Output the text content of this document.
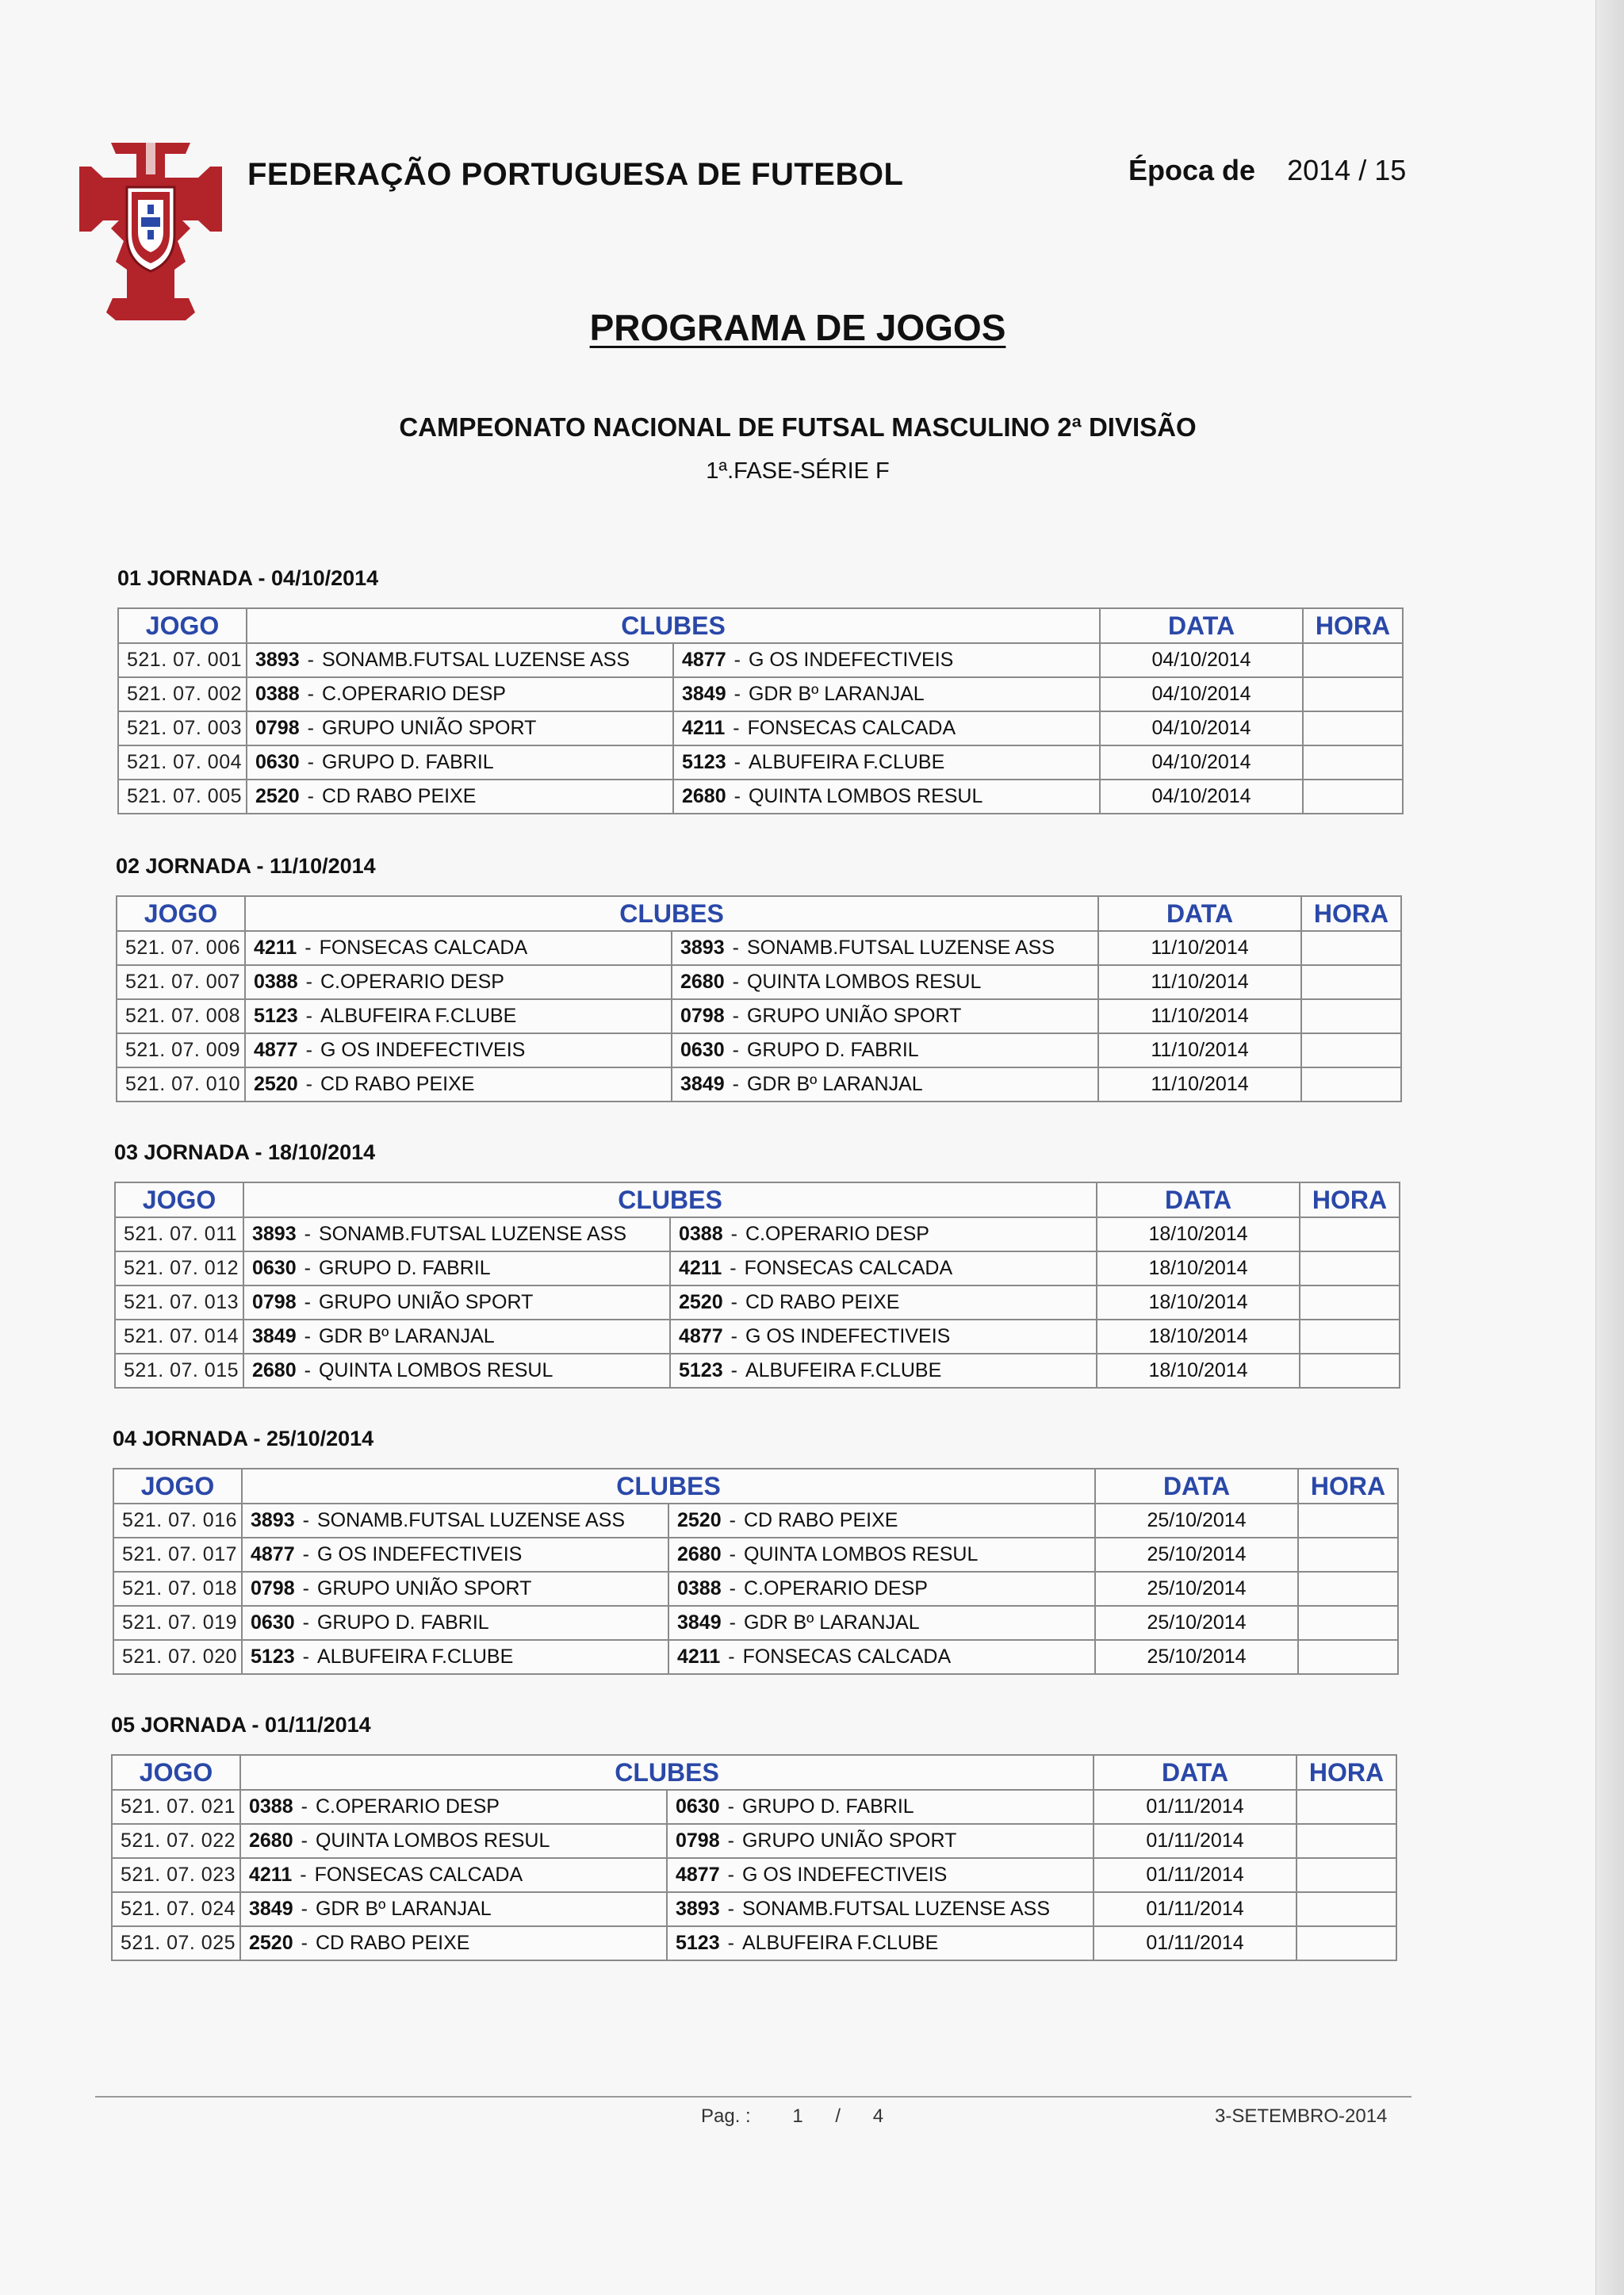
FEDERAÇÃO PORTUGUESA DE FUTEBOL	Época de 2014 / 15
PROGRAMA DE JOGOS
CAMPEONATO NACIONAL DE FUTSAL MASCULINO 2ª DIVISÃO
1ª.FASE-SÉRIE F
01 JORNADA - 04/10/2014
JOGO	CLUBES		DATA	HORA
521. 07. 001	3893 - SONAMB.FUTSAL LUZENSE ASS	4877 - G OS INDEFECTIVEIS	04/10/2014	
521. 07. 002	0388 - C.OPERARIO DESP	3849 - GDR Bº LARANJAL	04/10/2014	
521. 07. 003	0798 - GRUPO UNIÃO SPORT	4211 - FONSECAS CALCADA	04/10/2014	
521. 07. 004	0630 - GRUPO D. FABRIL	5123 - ALBUFEIRA F.CLUBE	04/10/2014	
521. 07. 005	2520 - CD RABO PEIXE	2680 - QUINTA LOMBOS RESUL	04/10/2014	
02 JORNADA - 11/10/2014
JOGO	CLUBES		DATA	HORA
521. 07. 006	4211 - FONSECAS CALCADA	3893 - SONAMB.FUTSAL LUZENSE ASS	11/10/2014	
521. 07. 007	0388 - C.OPERARIO DESP	2680 - QUINTA LOMBOS RESUL	11/10/2014	
521. 07. 008	5123 - ALBUFEIRA F.CLUBE	0798 - GRUPO UNIÃO SPORT	11/10/2014	
521. 07. 009	4877 - G OS INDEFECTIVEIS	0630 - GRUPO D. FABRIL	11/10/2014	
521. 07. 010	2520 - CD RABO PEIXE	3849 - GDR Bº LARANJAL	11/10/2014	
03 JORNADA - 18/10/2014
JOGO	CLUBES		DATA	HORA
521. 07. 011	3893 - SONAMB.FUTSAL LUZENSE ASS	0388 - C.OPERARIO DESP	18/10/2014	
521. 07. 012	0630 - GRUPO D. FABRIL	4211 - FONSECAS CALCADA	18/10/2014	
521. 07. 013	0798 - GRUPO UNIÃO SPORT	2520 - CD RABO PEIXE	18/10/2014	
521. 07. 014	3849 - GDR Bº LARANJAL	4877 - G OS INDEFECTIVEIS	18/10/2014	
521. 07. 015	2680 - QUINTA LOMBOS RESUL	5123 - ALBUFEIRA F.CLUBE	18/10/2014	
04 JORNADA - 25/10/2014
JOGO	CLUBES		DATA	HORA
521. 07. 016	3893 - SONAMB.FUTSAL LUZENSE ASS	2520 - CD RABO PEIXE	25/10/2014	
521. 07. 017	4877 - G OS INDEFECTIVEIS	2680 - QUINTA LOMBOS RESUL	25/10/2014	
521. 07. 018	0798 - GRUPO UNIÃO SPORT	0388 - C.OPERARIO DESP	25/10/2014	
521. 07. 019	0630 - GRUPO D. FABRIL	3849 - GDR Bº LARANJAL	25/10/2014	
521. 07. 020	5123 - ALBUFEIRA F.CLUBE	4211 - FONSECAS CALCADA	25/10/2014	
05 JORNADA - 01/11/2014
JOGO	CLUBES		DATA	HORA
521. 07. 021	0388 - C.OPERARIO DESP	0630 - GRUPO D. FABRIL	01/11/2014	
521. 07. 022	2680 - QUINTA LOMBOS RESUL	0798 - GRUPO UNIÃO SPORT	01/11/2014	
521. 07. 023	4211 - FONSECAS CALCADA	4877 - G OS INDEFECTIVEIS	01/11/2014	
521. 07. 024	3849 - GDR Bº LARANJAL	3893 - SONAMB.FUTSAL LUZENSE ASS	01/11/2014	
521. 07. 025	2520 - CD RABO PEIXE	5123 - ALBUFEIRA F.CLUBE	01/11/2014	
Pag. : 1 / 4	3-SETEMBRO-2014
